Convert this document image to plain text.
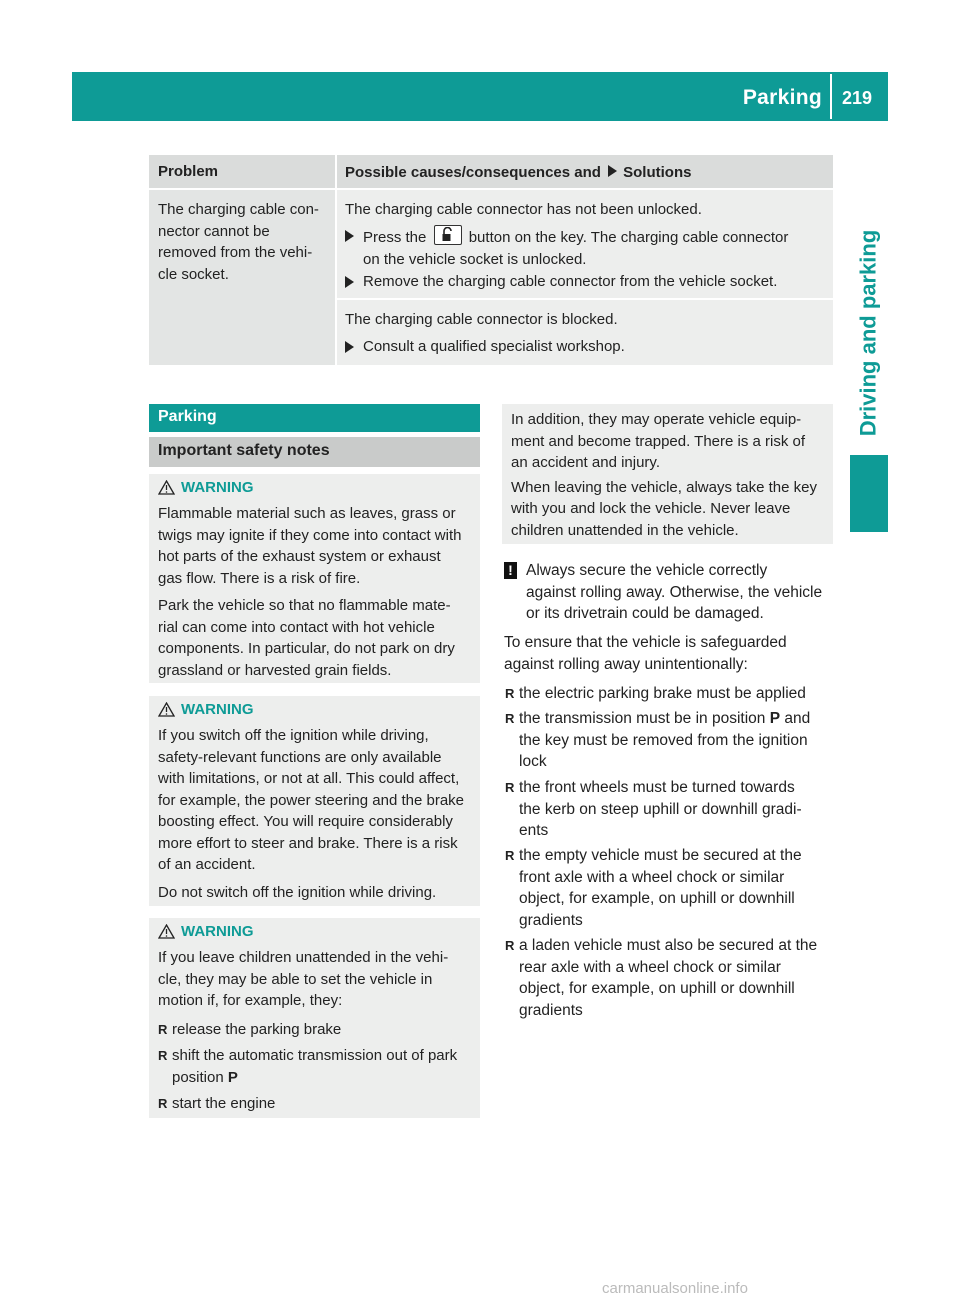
Parking 219
Driving and parking
Problem	Possible causes/consequences and Solutions
The charging cable con-
nector cannot be
removed from the vehi-
cle socket.
The charging cable connector has not been unlocked.
Press the	button on the key. The charging cable connector
on the vehicle socket is unlocked.
Remove the charging cable connector from the vehicle socket.
The charging cable connector is blocked.
Consult a qualified specialist workshop.
Parking
Important safety notes
WARNING
Flammable material such as leaves, grass or
twigs may ignite if they come into contact with
hot parts of the exhaust system or exhaust
gas flow. There is a risk of fire.
Park the vehicle so that no flammable mate-
rial can come into contact with hot vehicle
components. In particular, do not park on dry
grassland or harvested grain fields.
WARNING
If you switch off the ignition while driving,
safety-relevant functions are only available
with limitations, or not at all. This could affect,
for example, the power steering and the brake
boosting effect. You will require considerably
more effort to steer and brake. There is a risk
of an accident.
Do not switch off the ignition while driving.
WARNING
If you leave children unattended in the vehi-
cle, they may be able to set the vehicle in
motion if, for example, they:
R release the parking brake
R shift the automatic transmission out of park
position P
R start the engine
In addition, they may operate vehicle equip-
ment and become trapped. There is a risk of
an accident and injury.
When leaving the vehicle, always take the key
with you and lock the vehicle. Never leave
children unattended in the vehicle.
! Always secure the vehicle correctly
against rolling away. Otherwise, the vehicle
or its drivetrain could be damaged.
To ensure that the vehicle is safeguarded
against rolling away unintentionally:
R the electric parking brake must be applied
R the transmission must be in position P and
the key must be removed from the ignition
lock
R the front wheels must be turned towards
the kerb on steep uphill or downhill gradi-
ents
R the empty vehicle must be secured at the
front axle with a wheel chock or similar
object, for example, on uphill or downhill
gradients
R a laden vehicle must also be secured at the
rear axle with a wheel chock or similar
object, for example, on uphill or downhill
gradients
carmanualsonline.info
